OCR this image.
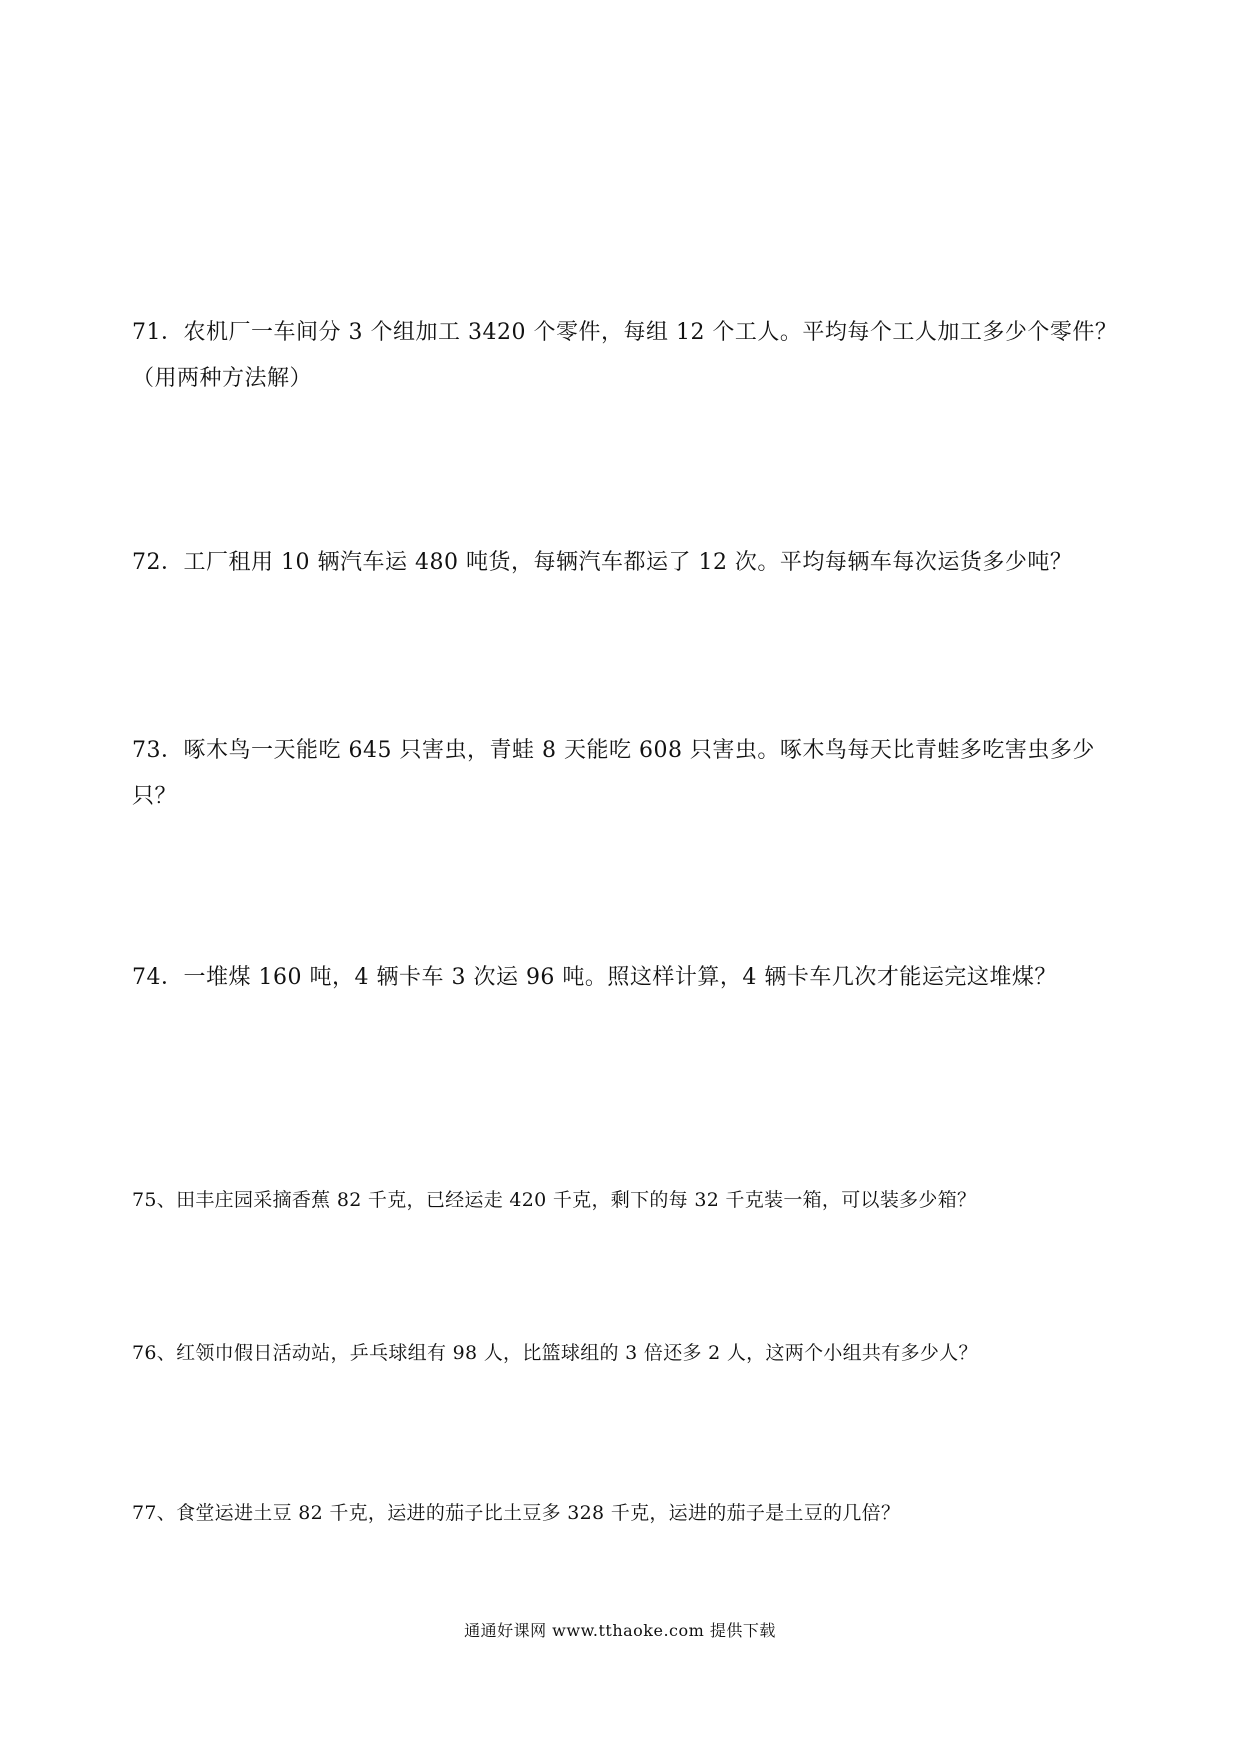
71．农机厂一车间分 3 个组加工 3420 个零件，每组 12 个工人。平均每个工人加工多少个零件？（用两种方法解）

72．工厂租用 10 辆汽车运 480 吨货，每辆汽车都运了 12 次。平均每辆车每次运货多少吨？

73．啄木鸟一天能吃 645 只害虫，青蛙 8 天能吃 608 只害虫。啄木鸟每天比青蛙多吃害虫多少只？

74．一堆煤 160 吨，4 辆卡车 3 次运 96 吨。照这样计算，4 辆卡车几次才能运完这堆煤？

75、田丰庄园采摘香蕉 82 千克，已经运走 420 千克，剩下的每 32 千克装一箱，可以装多少箱？

76、红领巾假日活动站，乒乓球组有 98 人，比篮球组的 3 倍还多 2 人，这两个小组共有多少人？

77、食堂运进土豆 82 千克，运进的茄子比土豆多 328 千克，运进的茄子是土豆的几倍？

通通好课网 www.tthaoke.com 提供下载
